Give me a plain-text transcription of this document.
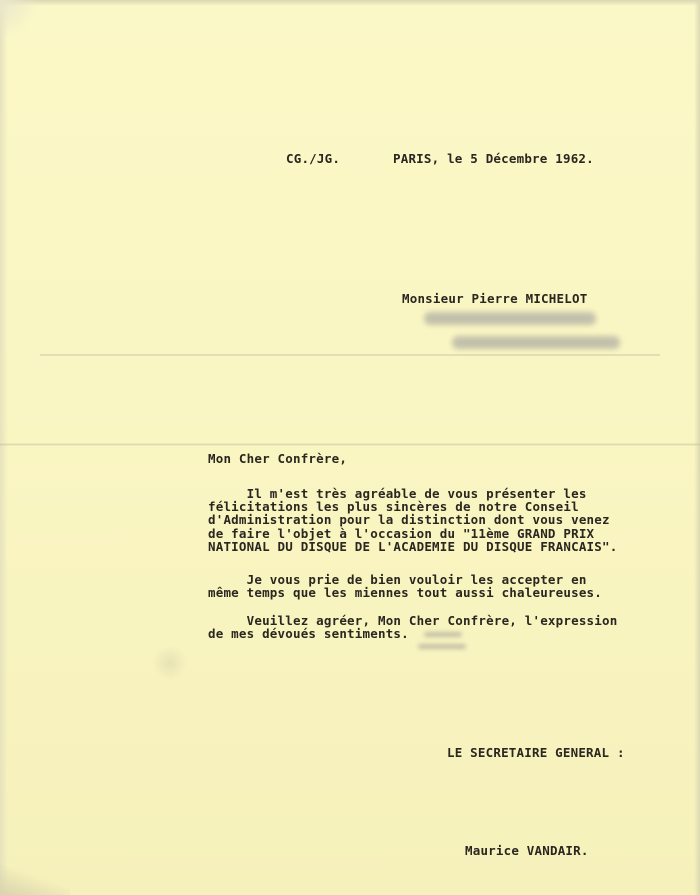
CG./JG.	PARIS, le 5 Décembre 1962.
Monsieur Pierre MICHELOT
Mon Cher Confrère,
Il m'est très agréable de vous présenter les
félicitations les plus sincères de notre Conseil
d'Administration pour la distinction dont vous venez
de faire l'objet à l'occasion du "11ème GRAND PRIX
NATIONAL DU DISQUE DE L'ACADEMIE DU DISQUE FRANCAIS".
Je vous prie de bien vouloir les accepter en
même temps que les miennes tout aussi chaleureuses.
Veuillez agréer, Mon Cher Confrère, l'expression
de mes dévoués sentiments.
LE SECRETAIRE GENERAL :
Maurice VANDAIR.
